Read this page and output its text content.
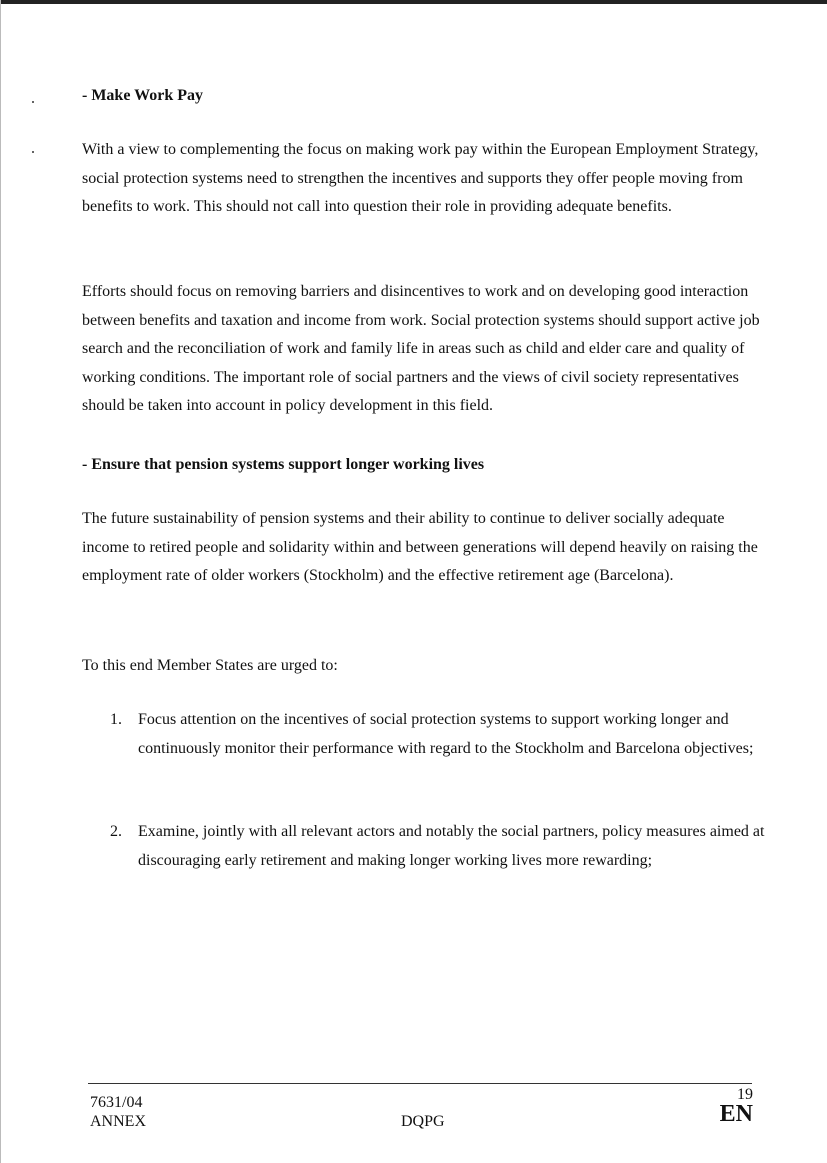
- Make Work Pay

With a view to complementing the focus on making work pay within the European Employment Strategy, social protection systems need to strengthen the incentives and supports they offer people moving from benefits to work. This should not call into question their role in providing adequate benefits.

Efforts should focus on removing barriers and disincentives to work and on developing good interaction between benefits and taxation and income from work. Social protection systems should support active job search and the reconciliation of work and family life in areas such as child and elder care and quality of working conditions. The important role of social partners and the views of civil society representatives should be taken into account in policy development in this field.

- Ensure that pension systems support longer working lives

The future sustainability of pension systems and their ability to continue to deliver socially adequate income to retired people and solidarity within and between generations will depend heavily on raising the employment rate of older workers (Stockholm) and the effective retirement age (Barcelona).

To this end Member States are urged to:

1. Focus attention on the incentives of social protection systems to support working longer and continuously monitor their performance with regard to the Stockholm and Barcelona objectives;

2. Examine, jointly with all relevant actors and notably the social partners, policy measures aimed at discouraging early retirement and making longer working lives more rewarding;

7631/04
ANNEX	DQPG
19
EN
